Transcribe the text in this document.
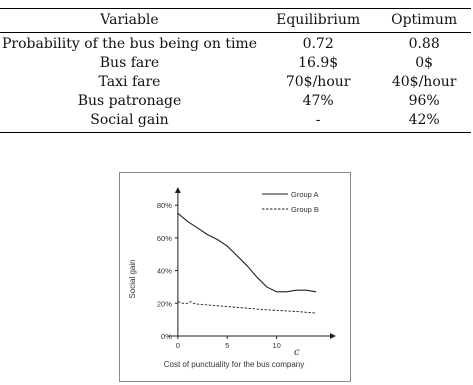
Variable	Equilibrium	Optimum
Probability of the bus being on time	0.72	0.88
Bus fare	16.9$	0$
Taxi fare	70$/hour	40$/hour
Bus patronage	47%	96%
Social gain	-	42%
0%
20%
40%
60%
80%
0	5	10
Group A
Group B
Social gain
Cost of punctuality for the bus company
c
